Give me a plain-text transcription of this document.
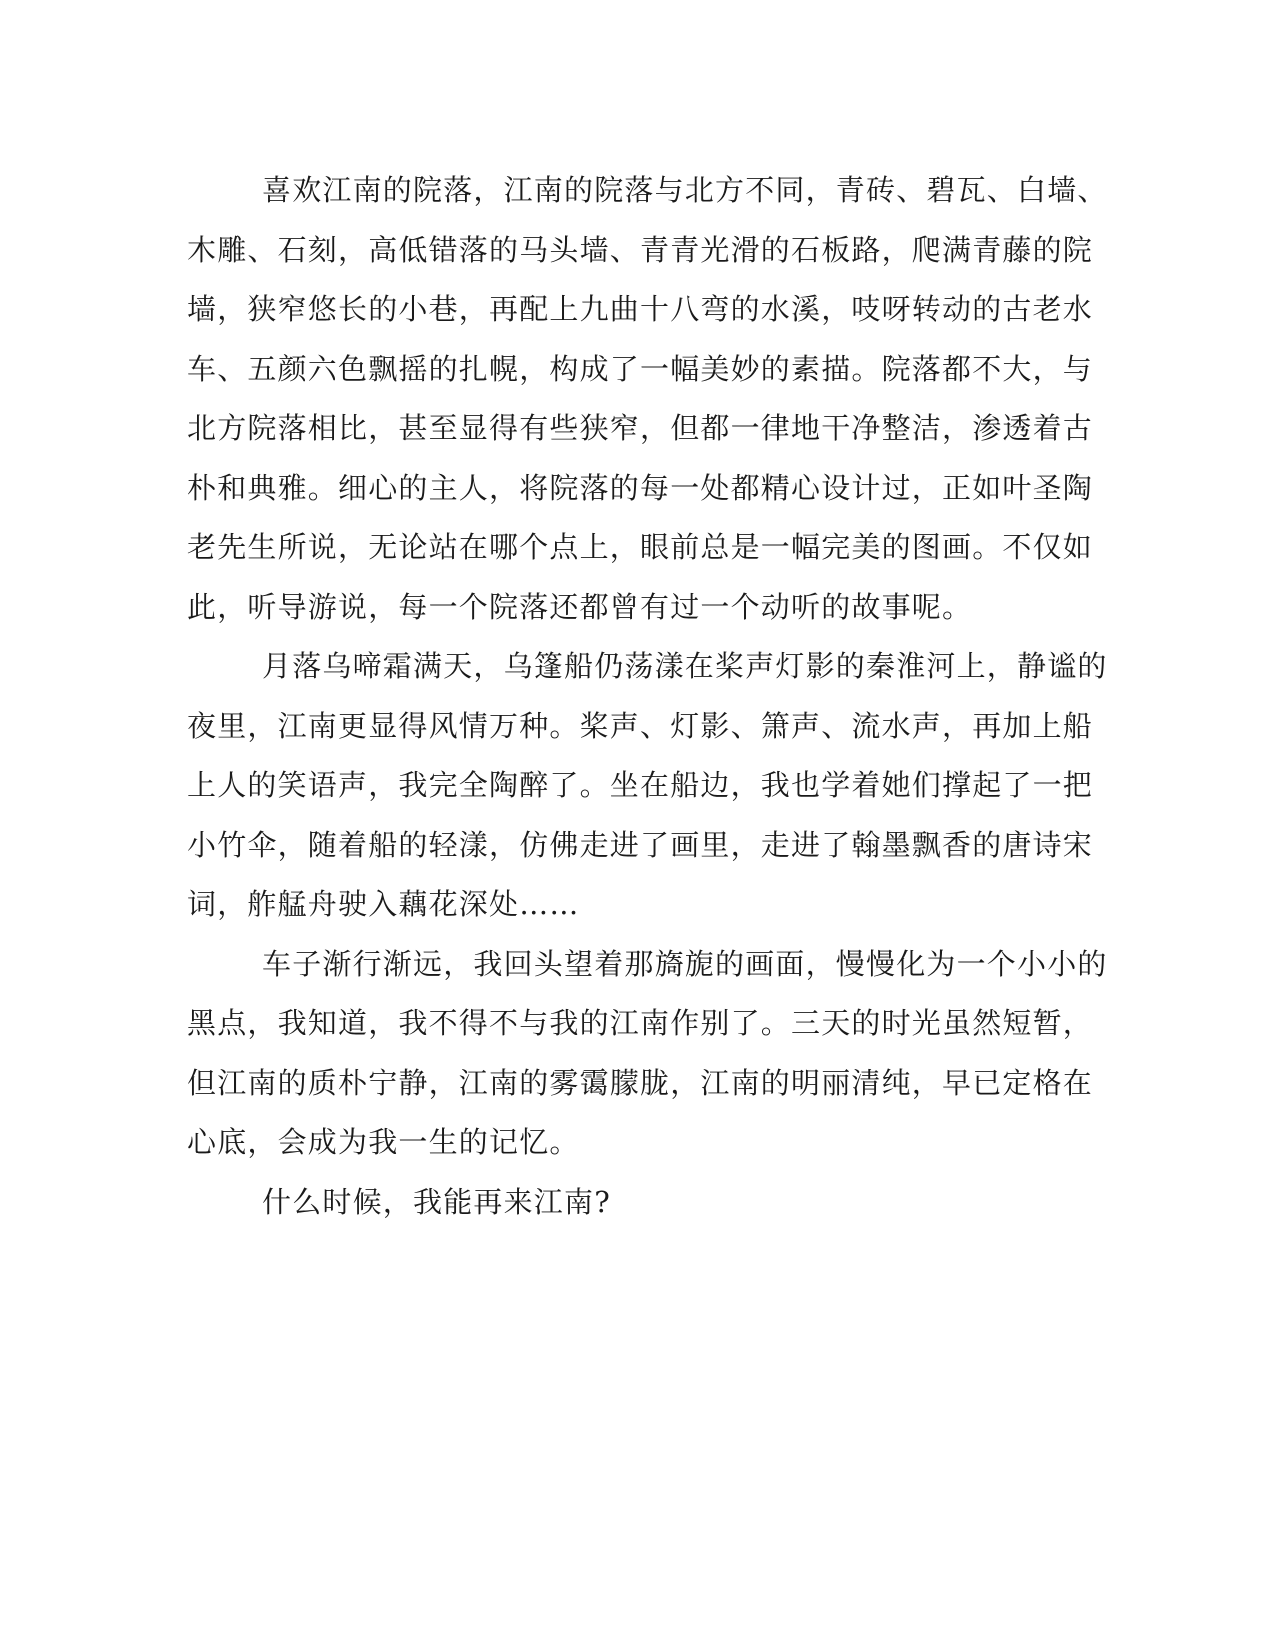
喜欢江南的院落，江南的院落与北方不同，青砖、碧瓦、白墙、
木雕、石刻，高低错落的马头墙、青青光滑的石板路，爬满青藤的院
墙，狭窄悠长的小巷，再配上九曲十八弯的水溪，吱呀转动的古老水
车、五颜六色飘摇的扎幌，构成了一幅美妙的素描。院落都不大，与
北方院落相比，甚至显得有些狭窄，但都一律地干净整洁，渗透着古
朴和典雅。细心的主人，将院落的每一处都精心设计过，正如叶圣陶
老先生所说，无论站在哪个点上，眼前总是一幅完美的图画。不仅如
此，听导游说，每一个院落还都曾有过一个动听的故事呢。
月落乌啼霜满天，乌篷船仍荡漾在桨声灯影的秦淮河上，静谧的
夜里，江南更显得风情万种。桨声、灯影、箫声、流水声，再加上船
上人的笑语声，我完全陶醉了。坐在船边，我也学着她们撑起了一把
小竹伞，随着船的轻漾，仿佛走进了画里，走进了翰墨飘香的唐诗宋
词，舴艋舟驶入藕花深处……
车子渐行渐远，我回头望着那旖旎的画面，慢慢化为一个小小的
黑点，我知道，我不得不与我的江南作别了。三天的时光虽然短暂，
但江南的质朴宁静，江南的雾霭朦胧，江南的明丽清纯，早已定格在
心底，会成为我一生的记忆。
什么时候，我能再来江南?
